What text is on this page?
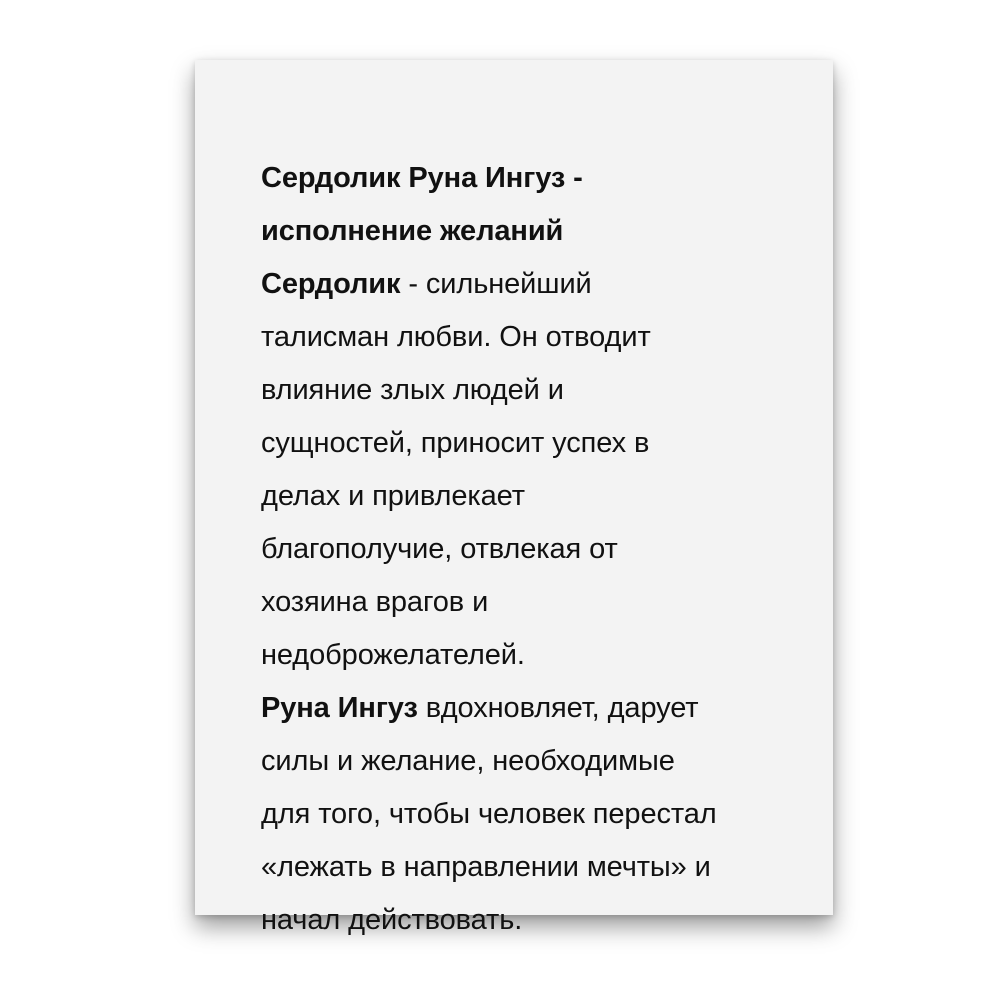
Сердолик Руна Ингуз -
исполнение желаний
Сердолик - сильнейший
талисман любви. Он отводит
влияние злых людей и
сущностей, приносит успех в
делах и привлекает
благополучие, отвлекая от
хозяина врагов и
недоброжелателей.
Руна Ингуз вдохновляет, дарует
силы и желание, необходимые
для того, чтобы человек перестал
«лежать в направлении мечты» и
начал действовать.
